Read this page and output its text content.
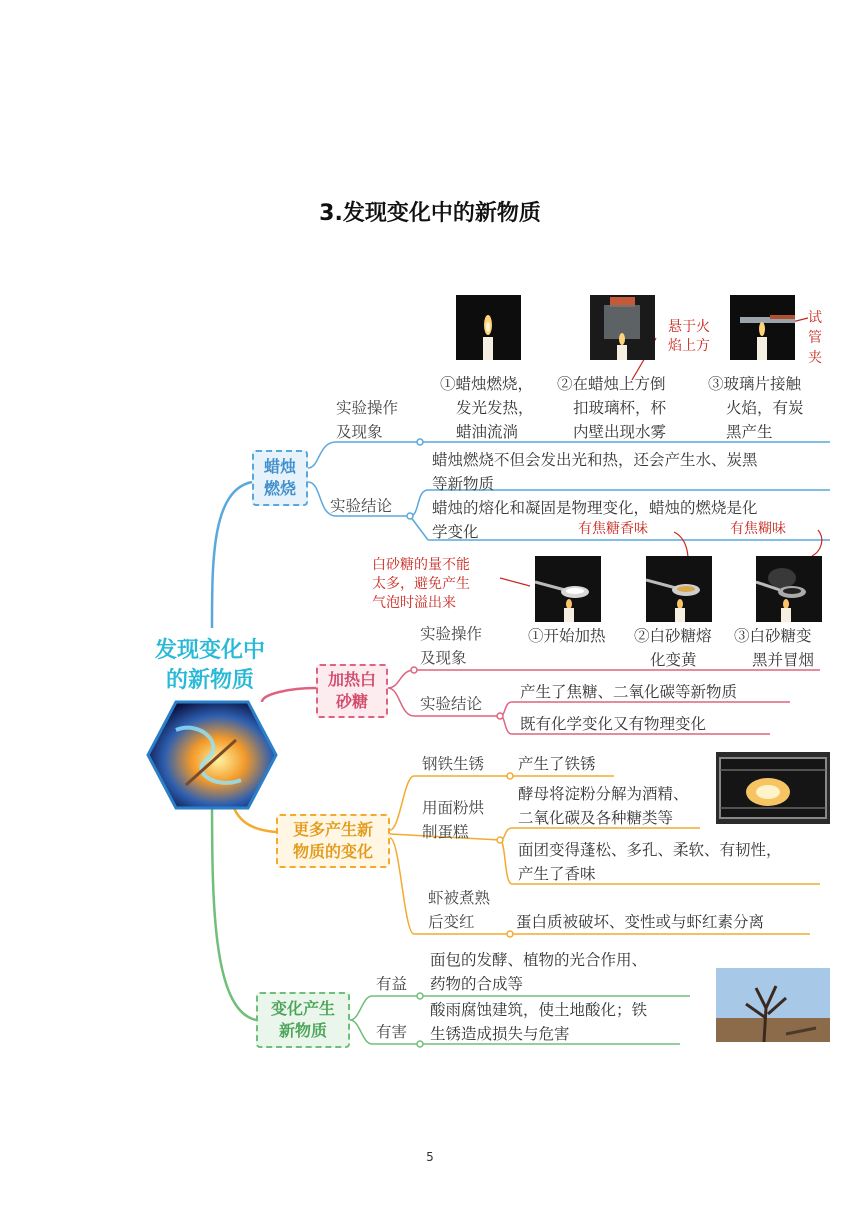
3.发现变化中的新物质
悬于火
焰上方
试
管
夹
①蜡烛燃烧，
发光发热，
蜡油流淌
②在蜡烛上方倒
扣玻璃杯，杯
内壁出现水雾
③玻璃片接触
火焰，有炭
黑产生
实验操作
及现象
实验结论
蜡烛燃烧不但会发出光和热，还会产生水、炭黑
等新物质
蜡烛的熔化和凝固是物理变化，蜡烛的燃烧是化
学变化
蜡烛
燃烧
有焦糖香味	有焦糊味
白砂糖的量不能
太多，避免产生
气泡时溢出来
实验操作
及现象
①开始加热 ②白砂糖熔
化变黄
③白砂糖变
黑并冒烟
实验结论
产生了焦糖、二氧化碳等新物质
既有化学变化又有物理变化
加热白
砂糖
发现变化中
的新物质
钢铁生锈 产生了铁锈
用面粉烘
制蛋糕
酵母将淀粉分解为酒精、
二氧化碳及各种糖类等
面团变得蓬松、多孔、柔软、有韧性，
产生了香味
虾被煮熟
后变红	蛋白质被破坏、变性或与虾红素分离
更多产生新
物质的变化
面包的发酵、植物的光合作用、
药物的合成等
有益
酸雨腐蚀建筑，使土地酸化；铁
生锈造成损失与危害
有害
变化产生
新物质
5
